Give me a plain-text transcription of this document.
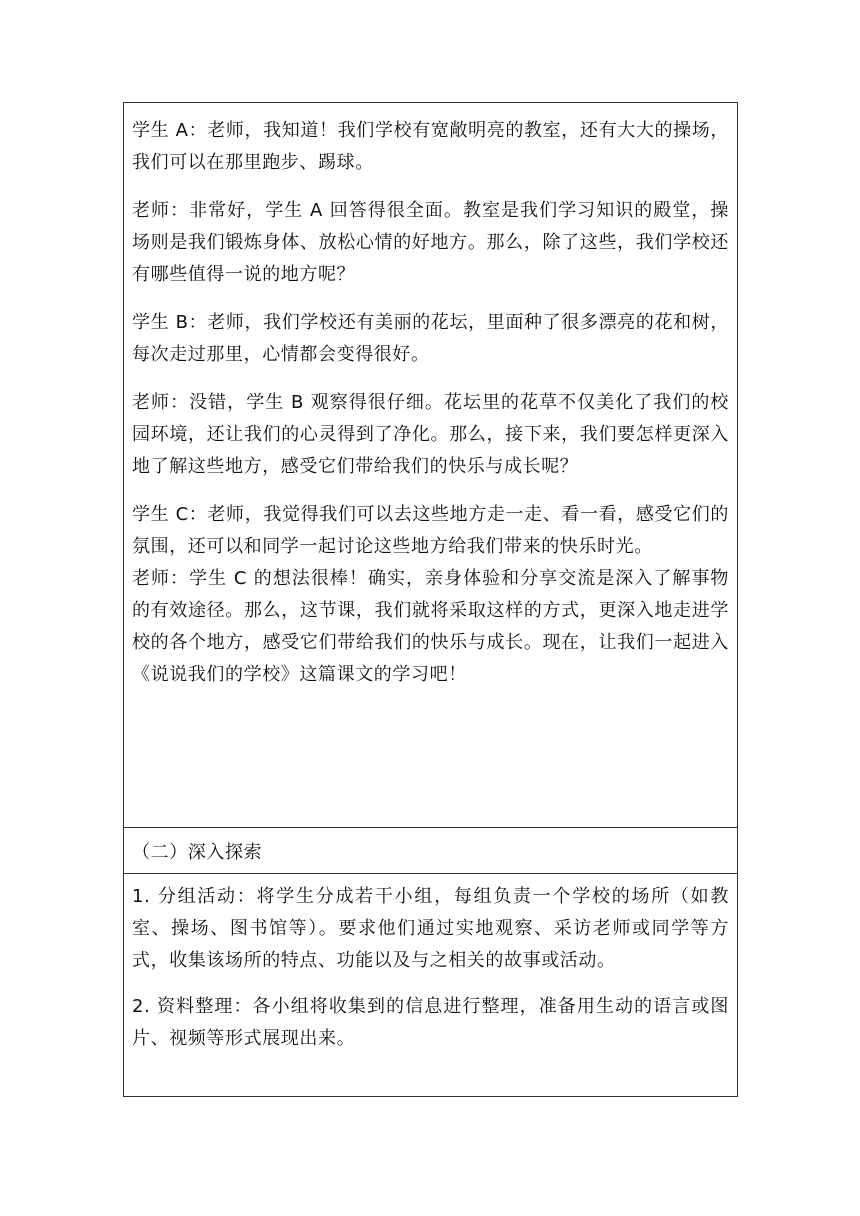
学生 A：老师，我知道！我们学校有宽敞明亮的教室，还有大大的操场，我们可以在那里跑步、踢球。

老师：非常好，学生 A 回答得很全面。教室是我们学习知识的殿堂，操场则是我们锻炼身体、放松心情的好地方。那么，除了这些，我们学校还有哪些值得一说的地方呢？

学生 B：老师，我们学校还有美丽的花坛，里面种了很多漂亮的花和树，每次走过那里，心情都会变得很好。

老师：没错，学生 B 观察得很仔细。花坛里的花草不仅美化了我们的校园环境，还让我们的心灵得到了净化。那么，接下来，我们要怎样更深入地了解这些地方，感受它们带给我们的快乐与成长呢？

学生 C：老师，我觉得我们可以去这些地方走一走、看一看，感受它们的氛围，还可以和同学一起讨论这些地方给我们带来的快乐时光。

老师：学生 C 的想法很棒！确实，亲身体验和分享交流是深入了解事物的有效途径。那么，这节课，我们就将采取这样的方式，更深入地走进学校的各个地方，感受它们带给我们的快乐与成长。现在，让我们一起进入《说说我们的学校》这篇课文的学习吧！

（二）深入探索

1. 分组活动：将学生分成若干小组，每组负责一个学校的场所（如教室、操场、图书馆等）。要求他们通过实地观察、采访老师或同学等方式，收集该场所的特点、功能以及与之相关的故事或活动。

2. 资料整理：各小组将收集到的信息进行整理，准备用生动的语言或图片、视频等形式展现出来。
